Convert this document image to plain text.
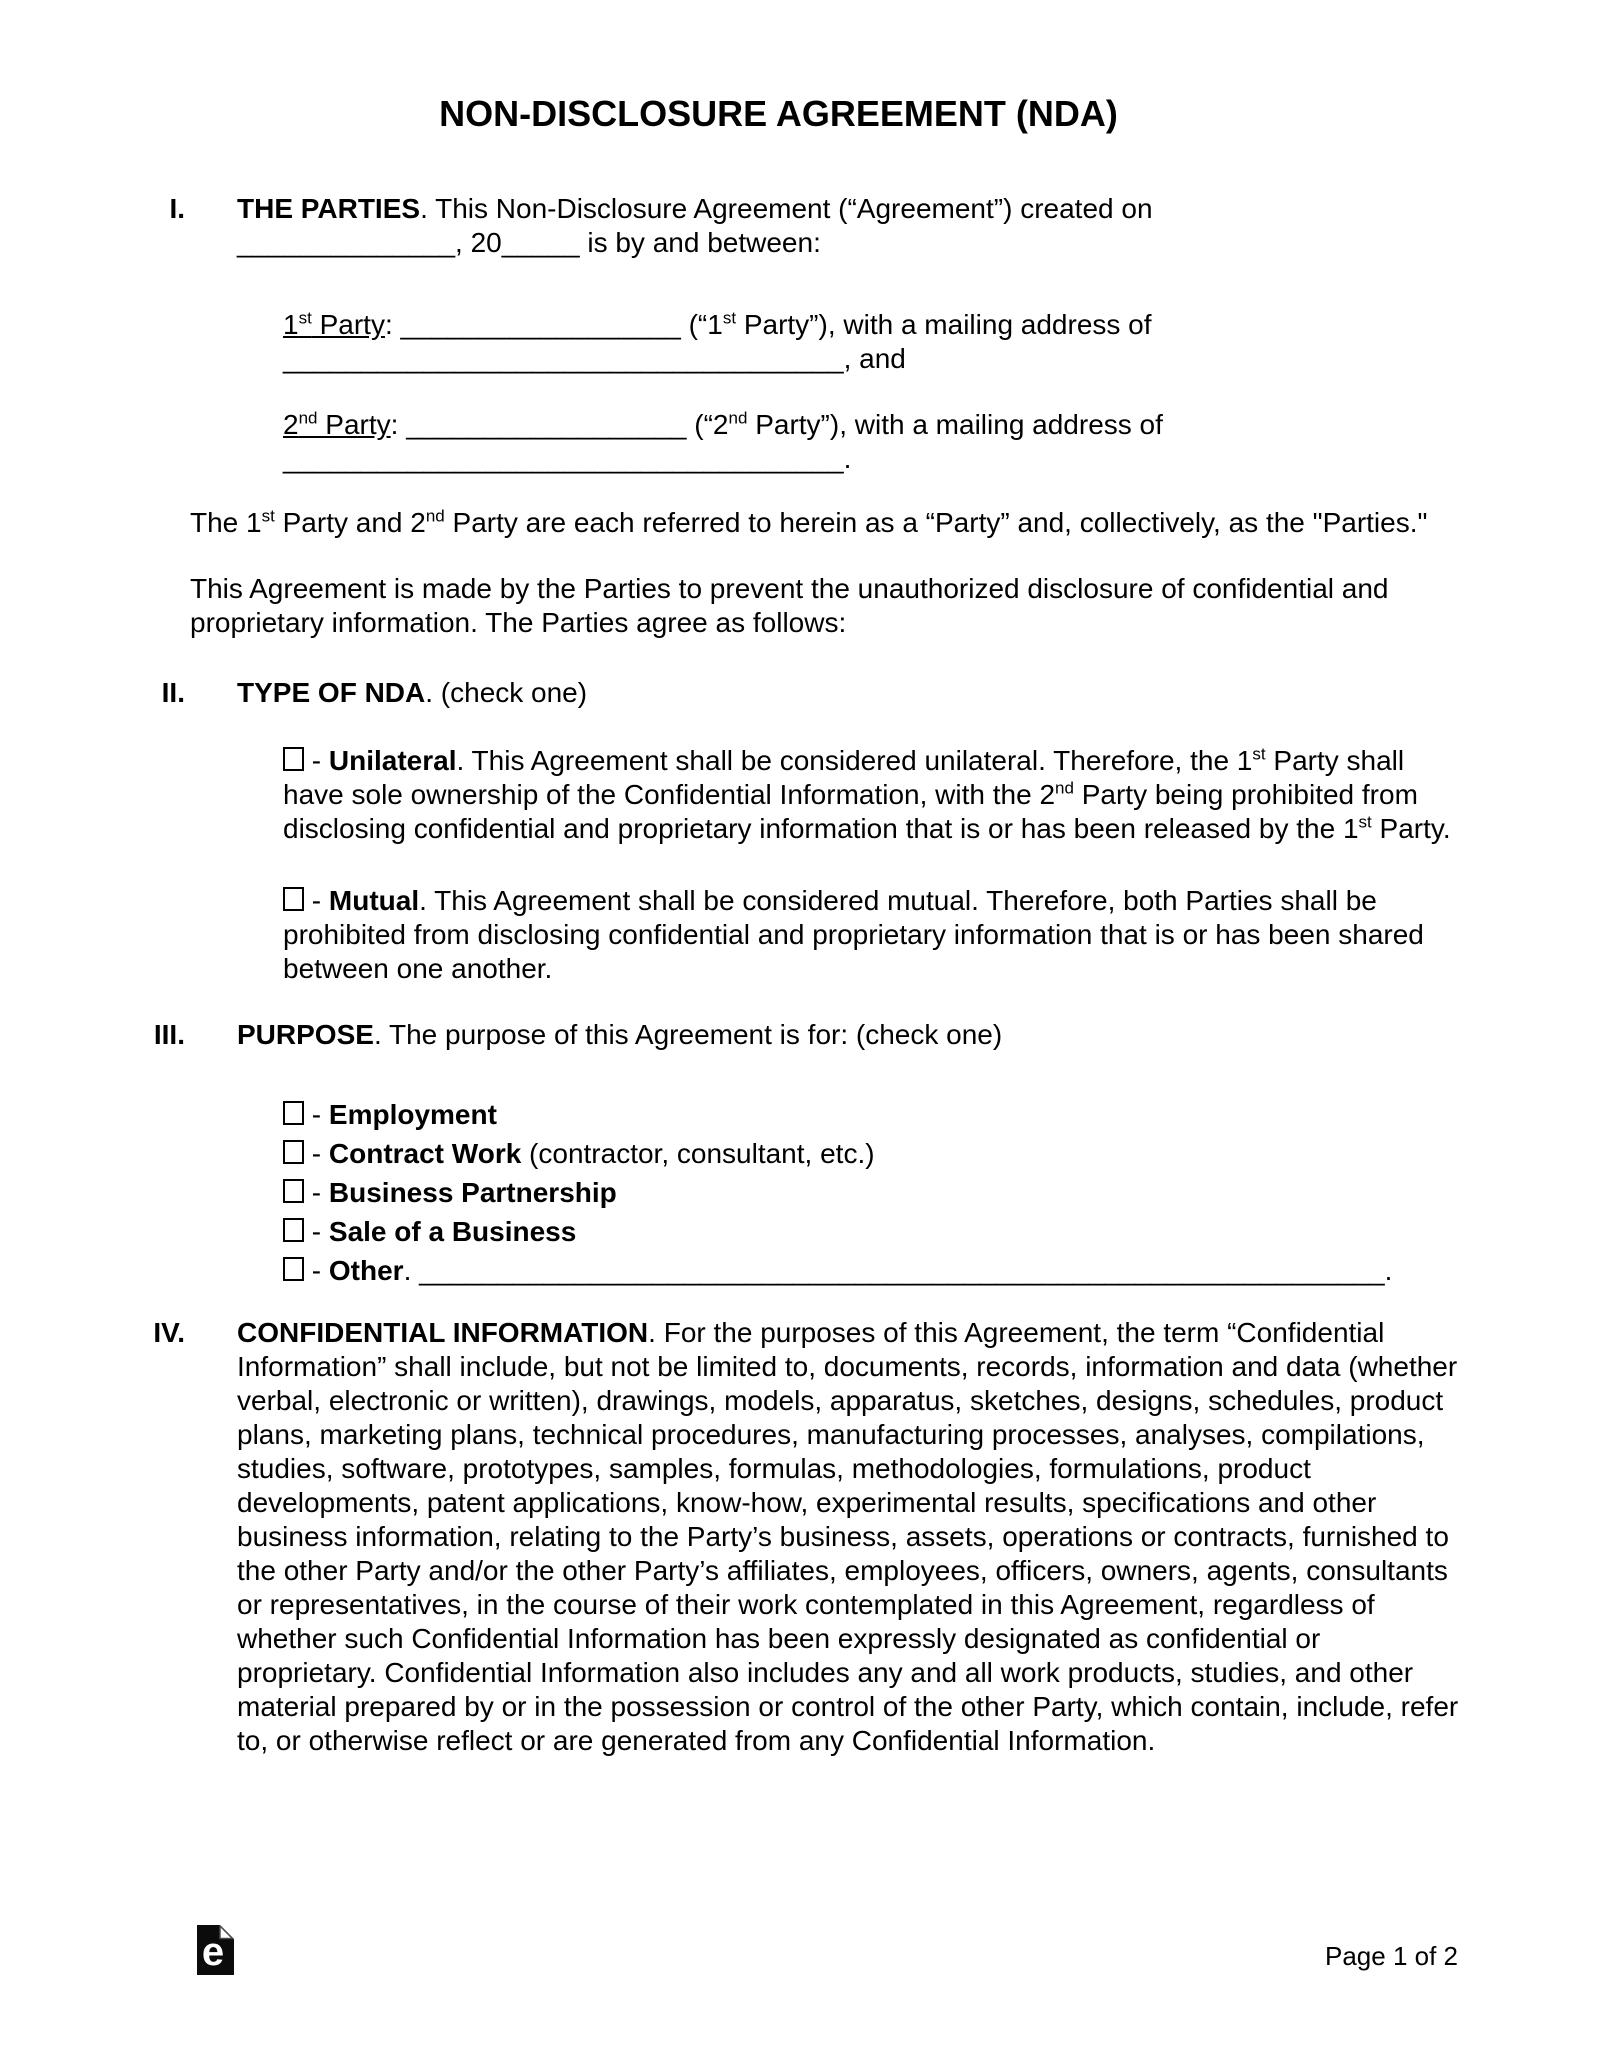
NON-DISCLOSURE AGREEMENT (NDA)
I.	THE PARTIES. This Non-Disclosure Agreement (“Agreement”) created on
______________, 20_____ is by and between:

1st Party: __________________ (“1st Party”), with a mailing address of ____________________________________, and

2nd Party: __________________ (“2nd Party”), with a mailing address of ____________________________________.

The 1st Party and 2nd Party are each referred to herein as a “Party” and, collectively, as the "Parties."

This Agreement is made by the Parties to prevent the unauthorized disclosure of confidential and proprietary information. The Parties agree as follows:

II.	TYPE OF NDA. (check one)

- Unilateral. This Agreement shall be considered unilateral. Therefore, the 1st Party shall have sole ownership of the Confidential Information, with the 2nd Party being prohibited from disclosing confidential and proprietary information that is or has been released by the 1st Party.

- Mutual. This Agreement shall be considered mutual. Therefore, both Parties shall be prohibited from disclosing confidential and proprietary information that is or has been shared between one another.

III.	PURPOSE. The purpose of this Agreement is for: (check one)

- Employment

- Contract Work (contractor, consultant, etc.)

- Business Partnership

- Sale of a Business

- Other. ______________________________________________________________.

IV.	CONFIDENTIAL INFORMATION. For the purposes of this Agreement, the term “Confidential Information” shall include, but not be limited to, documents, records, information and data (whether verbal, electronic or written), drawings, models, apparatus, sketches, designs, schedules, product plans, marketing plans, technical procedures, manufacturing processes, analyses, compilations, studies, software, prototypes, samples, formulas, methodologies, formulations, product developments, patent applications, know-how, experimental results, specifications and other business information, relating to the Party’s business, assets, operations or contracts, furnished to the other Party and/or the other Party’s affiliates, employees, officers, owners, agents, consultants or representatives, in the course of their work contemplated in this Agreement, regardless of whether such Confidential Information has been expressly designated as confidential or proprietary. Confidential Information also includes any and all work products, studies, and other material prepared by or in the possession or control of the other Party, which contain, include, refer to, or otherwise reflect or are generated from any Confidential Information.

e	Page 1 of 2
